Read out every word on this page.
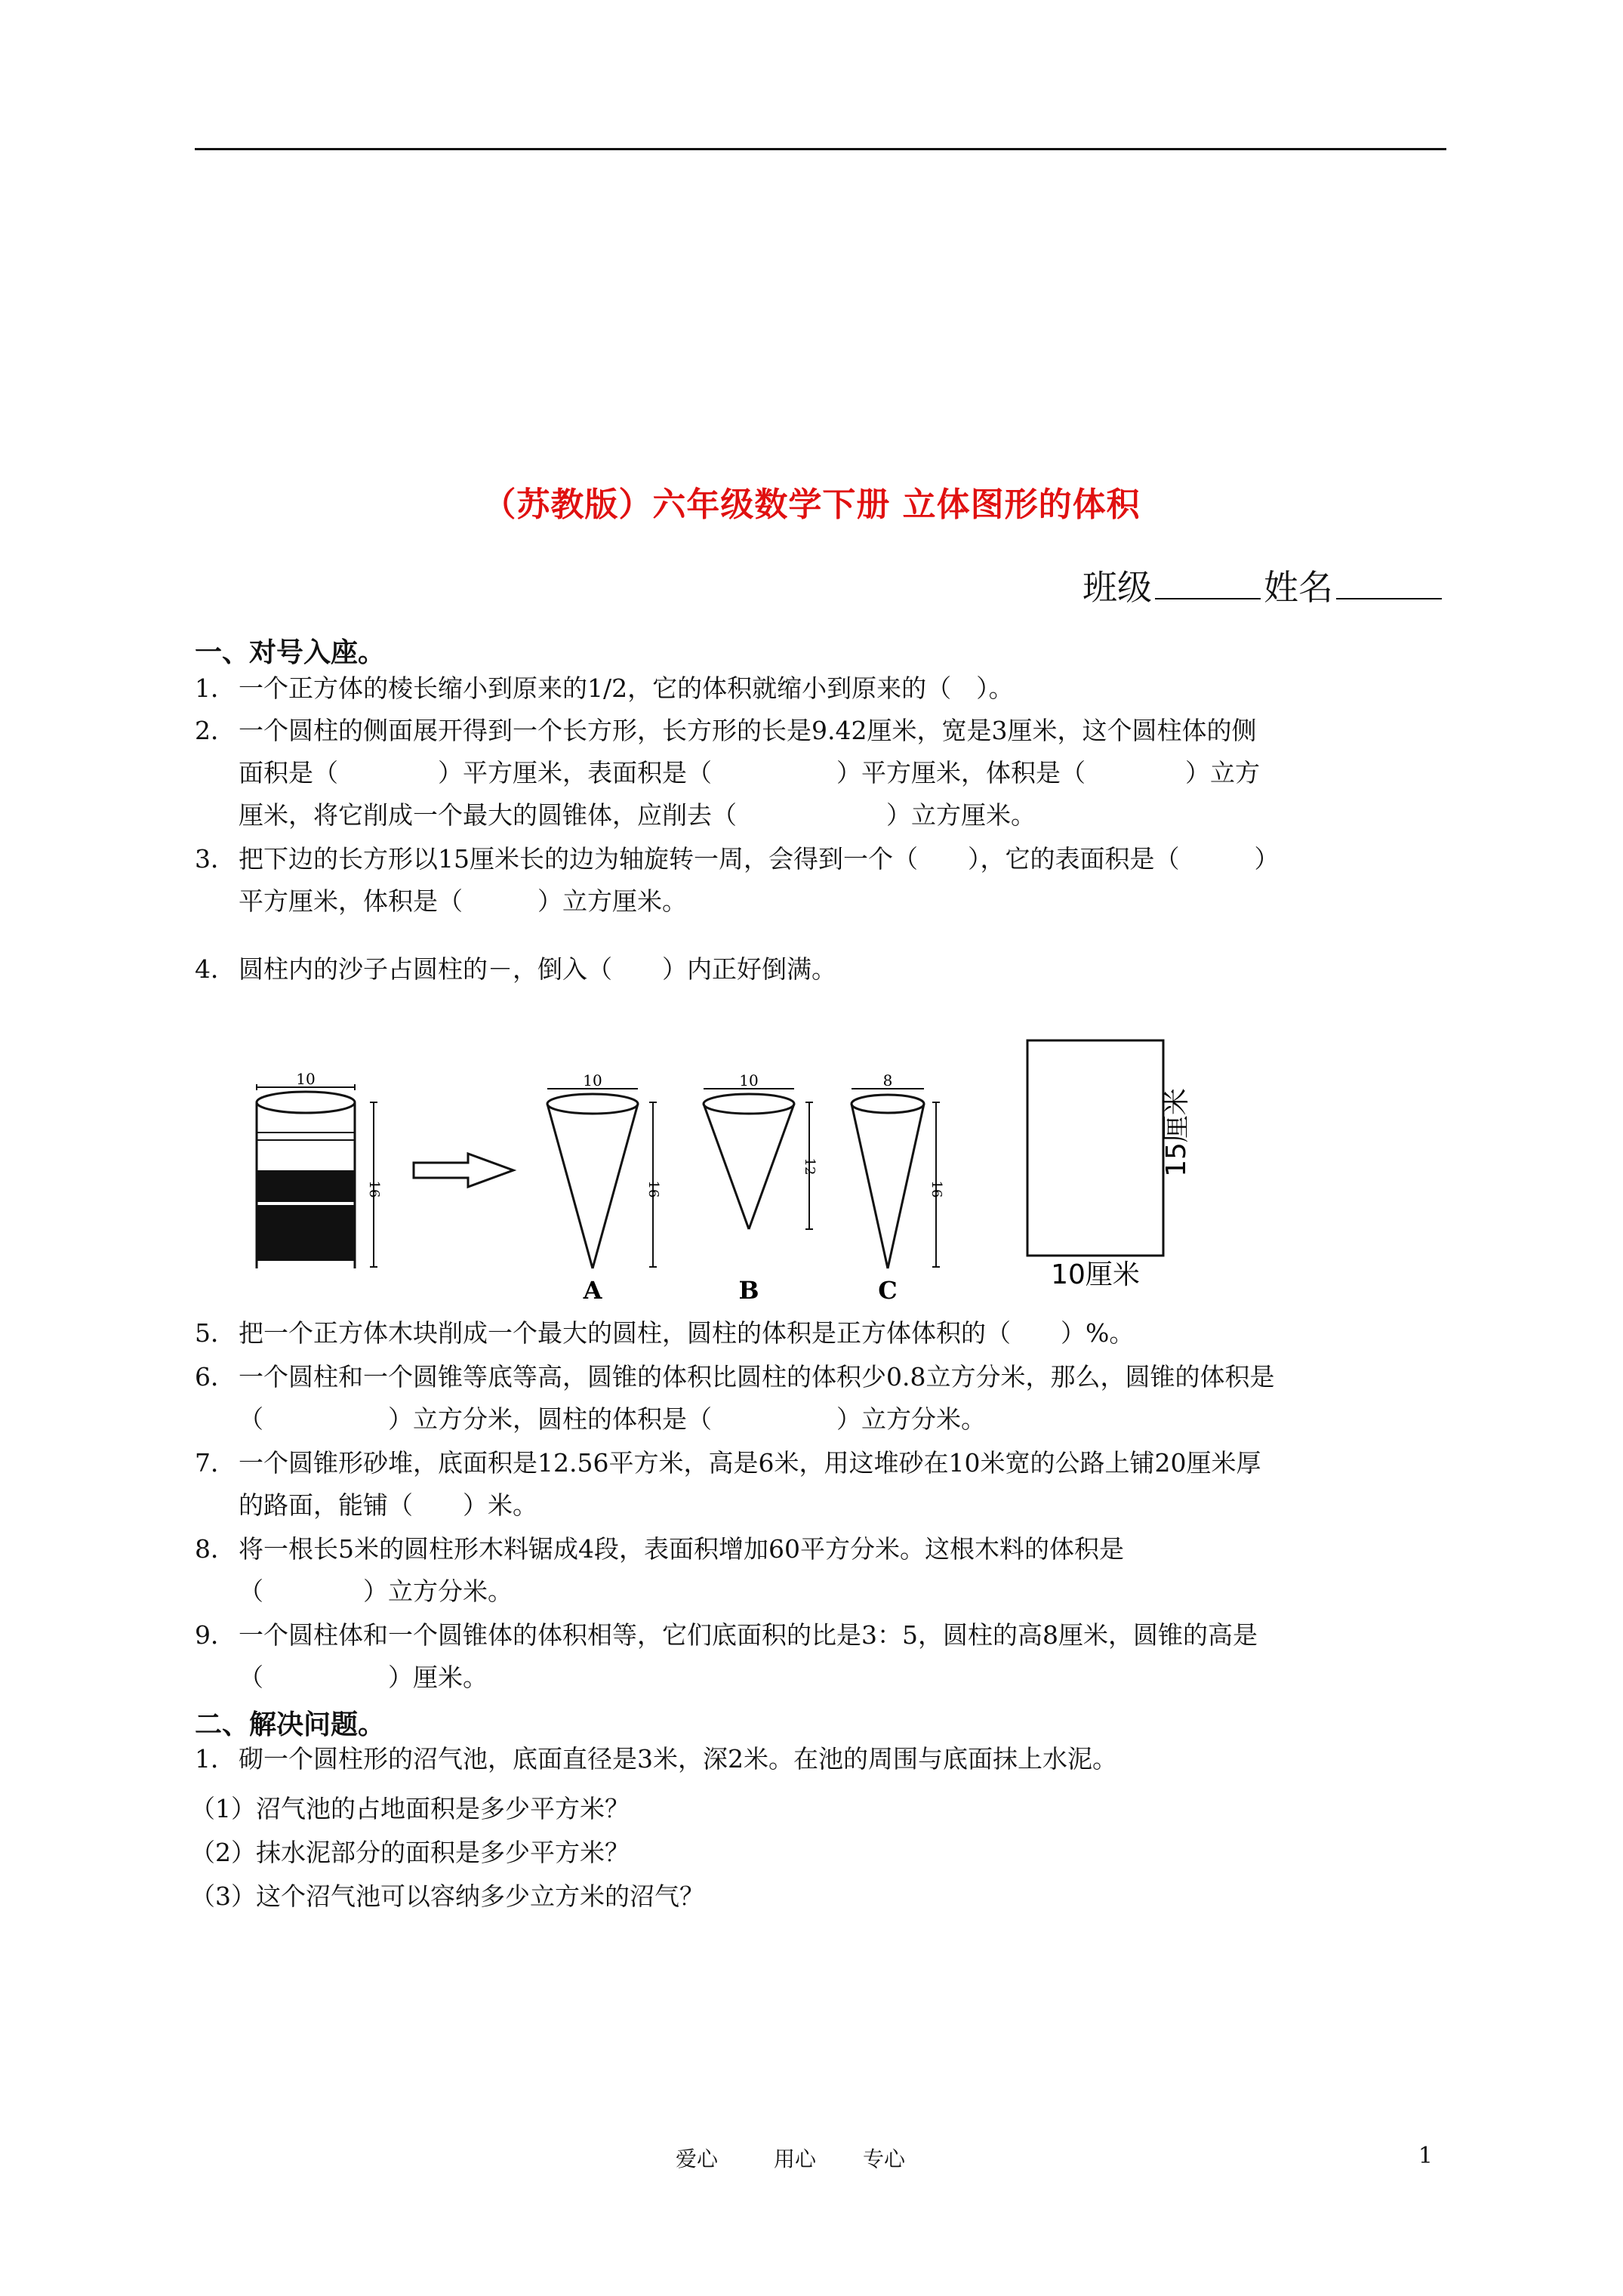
（苏教版）六年级数学下册 立体图形的体积
班级	姓名
一、对号入座。
1． 一个正方体的棱长缩小到原来的1/2，它的体积就缩小到原来的（　）。
2． 一个圆柱的侧面展开得到一个长方形，长方形的长是9.42厘米，宽是3厘米，这个圆柱体的侧
面积是（　　　　）平方厘米，表面积是（　　　　　）平方厘米，体积是（　　　　）立方
厘米，将它削成一个最大的圆锥体，应削去（　　　　　　）立方厘米。
3． 把下边的长方形以15厘米长的边为轴旋转一周，会得到一个（　　），它的表面积是（　　　）
平方厘米，体积是（　　　）立方厘米。
4． 圆柱内的沙子占圆柱的－，倒入（　　）内正好倒满。
10
16
10
16
A
10
12
B
8
16
C
15厘米
10厘米
5． 把一个正方体木块削成一个最大的圆柱，圆柱的体积是正方体体积的（　　）%。
6． 一个圆柱和一个圆锥等底等高，圆锥的体积比圆柱的体积少0.8立方分米，那么，圆锥的体积是
（　　　　　）立方分米，圆柱的体积是（　　　　　）立方分米。
7． 一个圆锥形砂堆，底面积是12.56平方米，高是6米，用这堆砂在10米宽的公路上铺20厘米厚
的路面，能铺（　　）米。
8． 将一根长5米的圆柱形木料锯成4段，表面积增加60平方分米。这根木料的体积是
（　　　　）立方分米。
9． 一个圆柱体和一个圆锥体的体积相等，它们底面积的比是3：5，圆柱的高8厘米，圆锥的高是
（　　　　　）厘米。
二、解决问题。
1． 砌一个圆柱形的沼气池，底面直径是3米，深2米。在池的周围与底面抹上水泥。
（1）沼气池的占地面积是多少平方米？
（2）抹水泥部分的面积是多少平方米？
（3）这个沼气池可以容纳多少立方米的沼气？
爱心	用心 专心	1
